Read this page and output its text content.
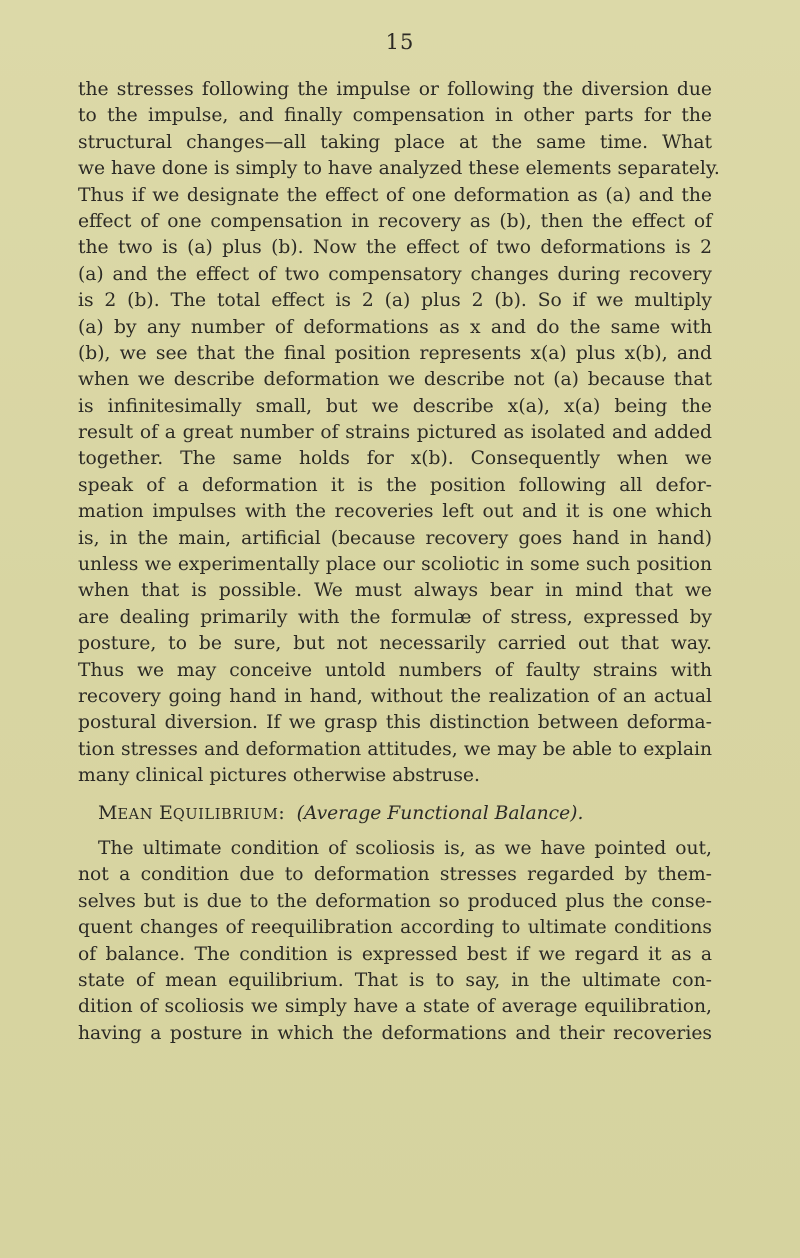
15
the stresses following the impulse or following the diversion due
to the impulse, and finally compensation in other parts for the
structural changes—all taking place at the same time. What
we have done is simply to have analyzed these elements separately.
Thus if we designate the effect of one deformation as (a) and the
effect of one compensation in recovery as (b), then the effect of
the two is (a) plus (b). Now the effect of two deformations is 2
(a) and the effect of two compensatory changes during recovery
is 2 (b). The total effect is 2 (a) plus 2 (b). So if we multiply
(a) by any number of deformations as x and do the same with
(b), we see that the final position represents x(a) plus x(b), and
when we describe deformation we describe not (a) because that
is infinitesimally small, but we describe x(a), x(a) being the
result of a great number of strains pictured as isolated and added
together. The same holds for x(b). Consequently when we
speak of a deformation it is the position following all defor-
mation impulses with the recoveries left out and it is one which
is, in the main, artificial (because recovery goes hand in hand)
unless we experimentally place our scoliotic in some such position
when that is possible. We must always bear in mind that we
are dealing primarily with the formulæ of stress, expressed by
posture, to be sure, but not necessarily carried out that way.
Thus we may conceive untold numbers of faulty strains with
recovery going hand in hand, without the realization of an actual
postural diversion. If we grasp this distinction between deforma-
tion stresses and deformation attitudes, we may be able to explain
many clinical pictures otherwise abstruse.
MEAN EQUILIBRIUM: (Average Functional Balance).
The ultimate condition of scoliosis is, as we have pointed out,
not a condition due to deformation stresses regarded by them-
selves but is due to the deformation so produced plus the conse-
quent changes of reequilibration according to ultimate conditions
of balance. The condition is expressed best if we regard it as a
state of mean equilibrium. That is to say, in the ultimate con-
dition of scoliosis we simply have a state of average equilibration,
having a posture in which the deformations and their recoveries
